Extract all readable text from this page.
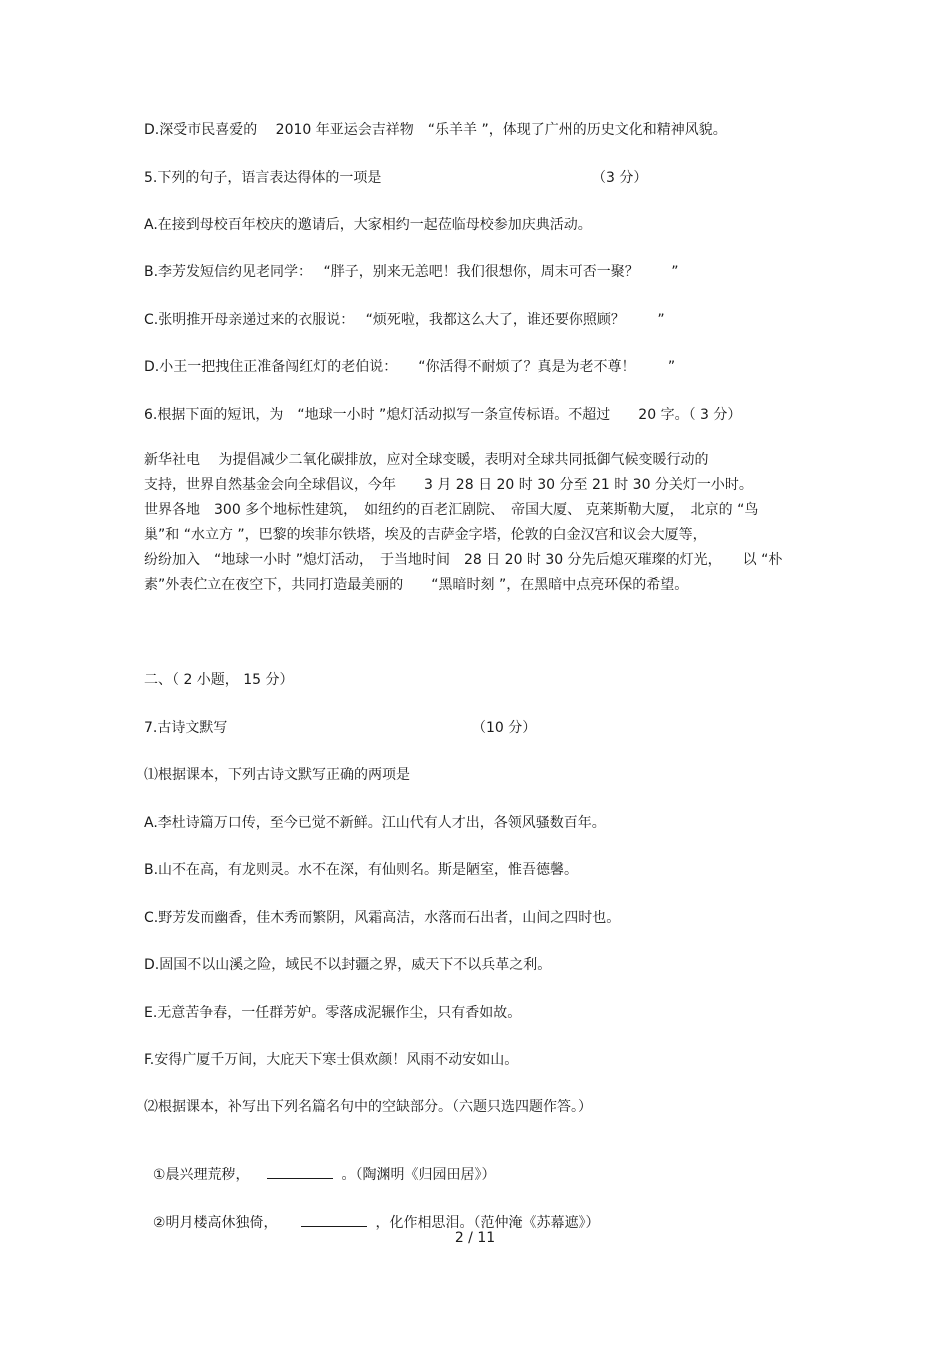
D.深受市民喜爱的　 2010 年亚运会吉祥物　“乐羊羊 ”，体现了广州的历史文化和精神风貌。
5.下列的句子，语言表达得体的一项是	（3 分）
A.在接到母校百年校庆的邀请后，大家相约一起莅临母校参加庆典活动。
B.李芳发短信约见老同学：　 “胖子，别来无恙吧！我们很想你，周末可否一聚？　　 ”
C.张明推开母亲递过来的衣服说：　 “烦死啦，我都这么大了，谁还要你照顾？　　 ”
D.小王一把拽住正准备闯红灯的老伯说：　　“你活得不耐烦了？真是为老不尊！　　 ”
6.根据下面的短讯，为　“地球一小时 ”熄灯活动拟写一条宣传标语。不超过　　20 字。（ 3 分）
新华社电　 为提倡减少二氧化碳排放，应对全球变暖，表明对全球共同抵御气候变暖行动的
支持，世界自然基金会向全球倡议，今年　　3 月 28 日 20 时 30 分至 21 时 30 分关灯一小时。
世界各地　300 多个地标性建筑，　如纽约的百老汇剧院、　帝国大厦、 克莱斯勒大厦，　北京的 “鸟
巢”和 “水立方 ”，巴黎的埃菲尔铁塔，埃及的吉萨金字塔，伦敦的白金汉宫和议会大厦等，
纷纷加入　“地球一小时 ”熄灯活动，　于当地时间　28 日 20 时 30 分先后熄灭璀璨的灯光，　　以 “朴
素”外表伫立在夜空下，共同打造最美丽的　　“黑暗时刻 ”，在黑暗中点亮环保的希望。
二、（ 2 小题， 15 分）
7.古诗文默写	（10 分）
⑴根据课本，下列古诗文默写正确的两项是
A.李杜诗篇万口传，至今已觉不新鲜。江山代有人才出，各领风骚数百年。
B.山不在高，有龙则灵。水不在深，有仙则名。斯是陋室，惟吾德馨。
C.野芳发而幽香，佳木秀而繁阴，风霜高洁，水落而石出者，山间之四时也。
D.固国不以山溪之险，域民不以封疆之界，威天下不以兵革之利。
E.无意苦争春，一任群芳妒。零落成泥辗作尘，只有香如故。
F.安得广厦千万间，大庇天下寒士俱欢颜！风雨不动安如山。
⑵根据课本，补写出下列名篇名句中的空缺部分。（六题只选四题作答。）

①晨兴理荒秽，	。（陶渊明《归园田居》）

②明月楼高休独倚，	，化作相思泪。（范仲淹《苏幕遮》）

2 / 11
